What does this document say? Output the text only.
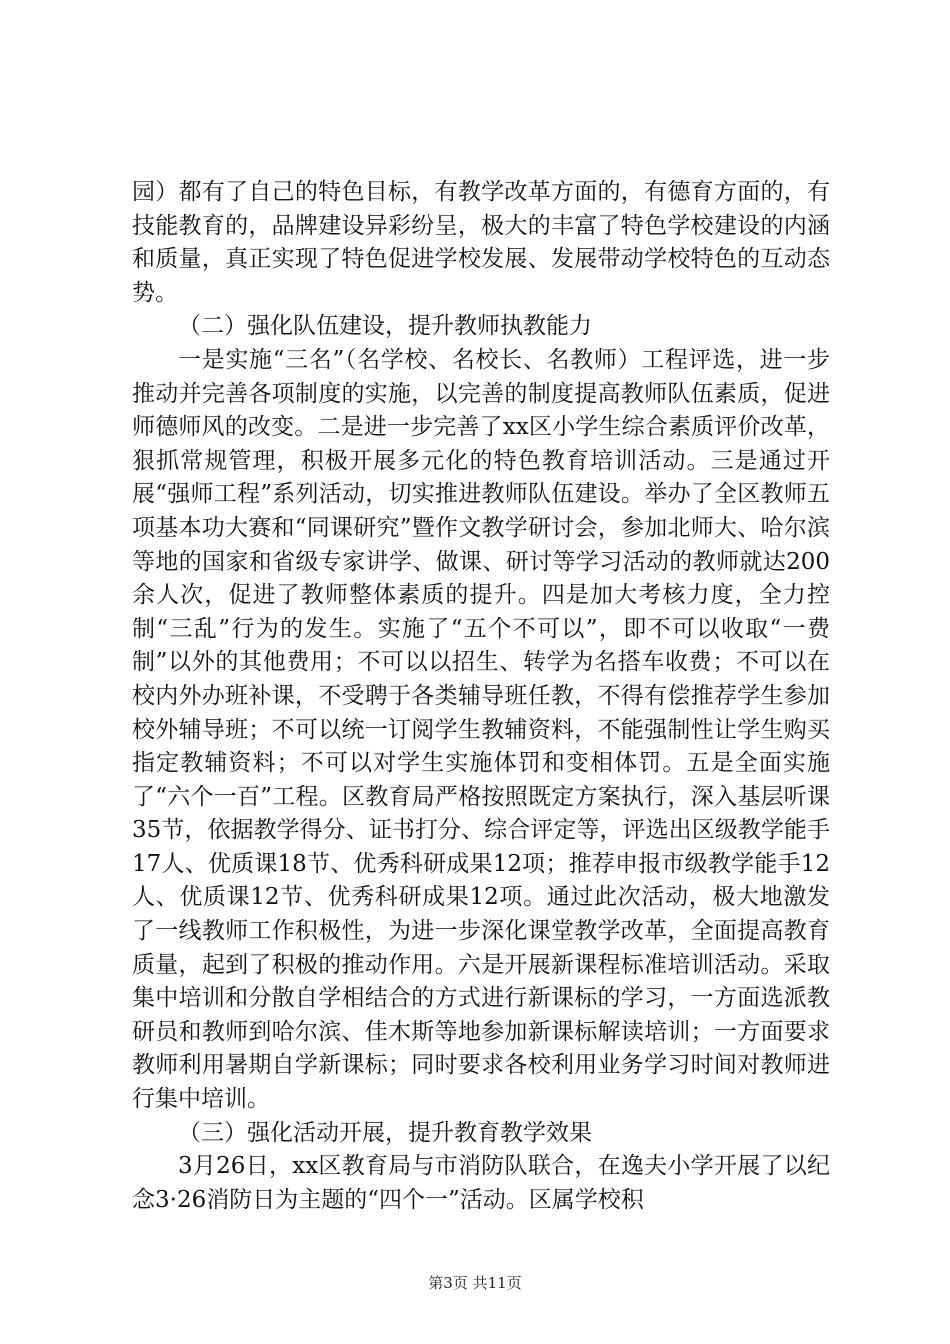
园）都有了自己的特色目标，有教学改革方面的，有德育方面的，有技能教育的，品牌建设异彩纷呈，极大的丰富了特色学校建设的内涵和质量，真正实现了特色促进学校发展、发展带动学校特色的互动态势。

（二）强化队伍建设，提升教师执教能力

一是实施“三名”（名学校、名校长、名教师）工程评选，进一步推动并完善各项制度的实施，以完善的制度提高教师队伍素质，促进师德师风的改变。二是进一步完善了xx区小学生综合素质评价改革，狠抓常规管理，积极开展多元化的特色教育培训活动。三是通过开展“强师工程”系列活动，切实推进教师队伍建设。举办了全区教师五项基本功大赛和“同课研究”暨作文教学研讨会，参加北师大、哈尔滨等地的国家和省级专家讲学、做课、研讨等学习活动的教师就达200余人次，促进了教师整体素质的提升。四是加大考核力度，全力控制“三乱”行为的发生。实施了“五个不可以”，即不可以收取“一费制”以外的其他费用；不可以以招生、转学为名搭车收费；不可以在校内外办班补课，不受聘于各类辅导班任教，不得有偿推荐学生参加校外辅导班；不可以统一订阅学生教辅资料，不能强制性让学生购买指定教辅资料；不可以对学生实施体罚和变相体罚。五是全面实施了“六个一百”工程。区教育局严格按照既定方案执行，深入基层听课35节，依据教学得分、证书打分、综合评定等，评选出区级教学能手17人、优质课18节、优秀科研成果12项；推荐申报市级教学能手12人、优质课12节、优秀科研成果12项。通过此次活动，极大地激发了一线教师工作积极性，为进一步深化课堂教学改革，全面提高教育质量，起到了积极的推动作用。六是开展新课程标准培训活动。采取集中培训和分散自学相结合的方式进行新课标的学习，一方面选派教研员和教师到哈尔滨、佳木斯等地参加新课标解读培训；一方面要求教师利用暑期自学新课标；同时要求各校利用业务学习时间对教师进行集中培训。

（三）强化活动开展，提升教育教学效果

3月26日，xx区教育局与市消防队联合，在逸夫小学开展了以纪念3·26消防日为主题的“四个一”活动。区属学校积

第3页 共11页
